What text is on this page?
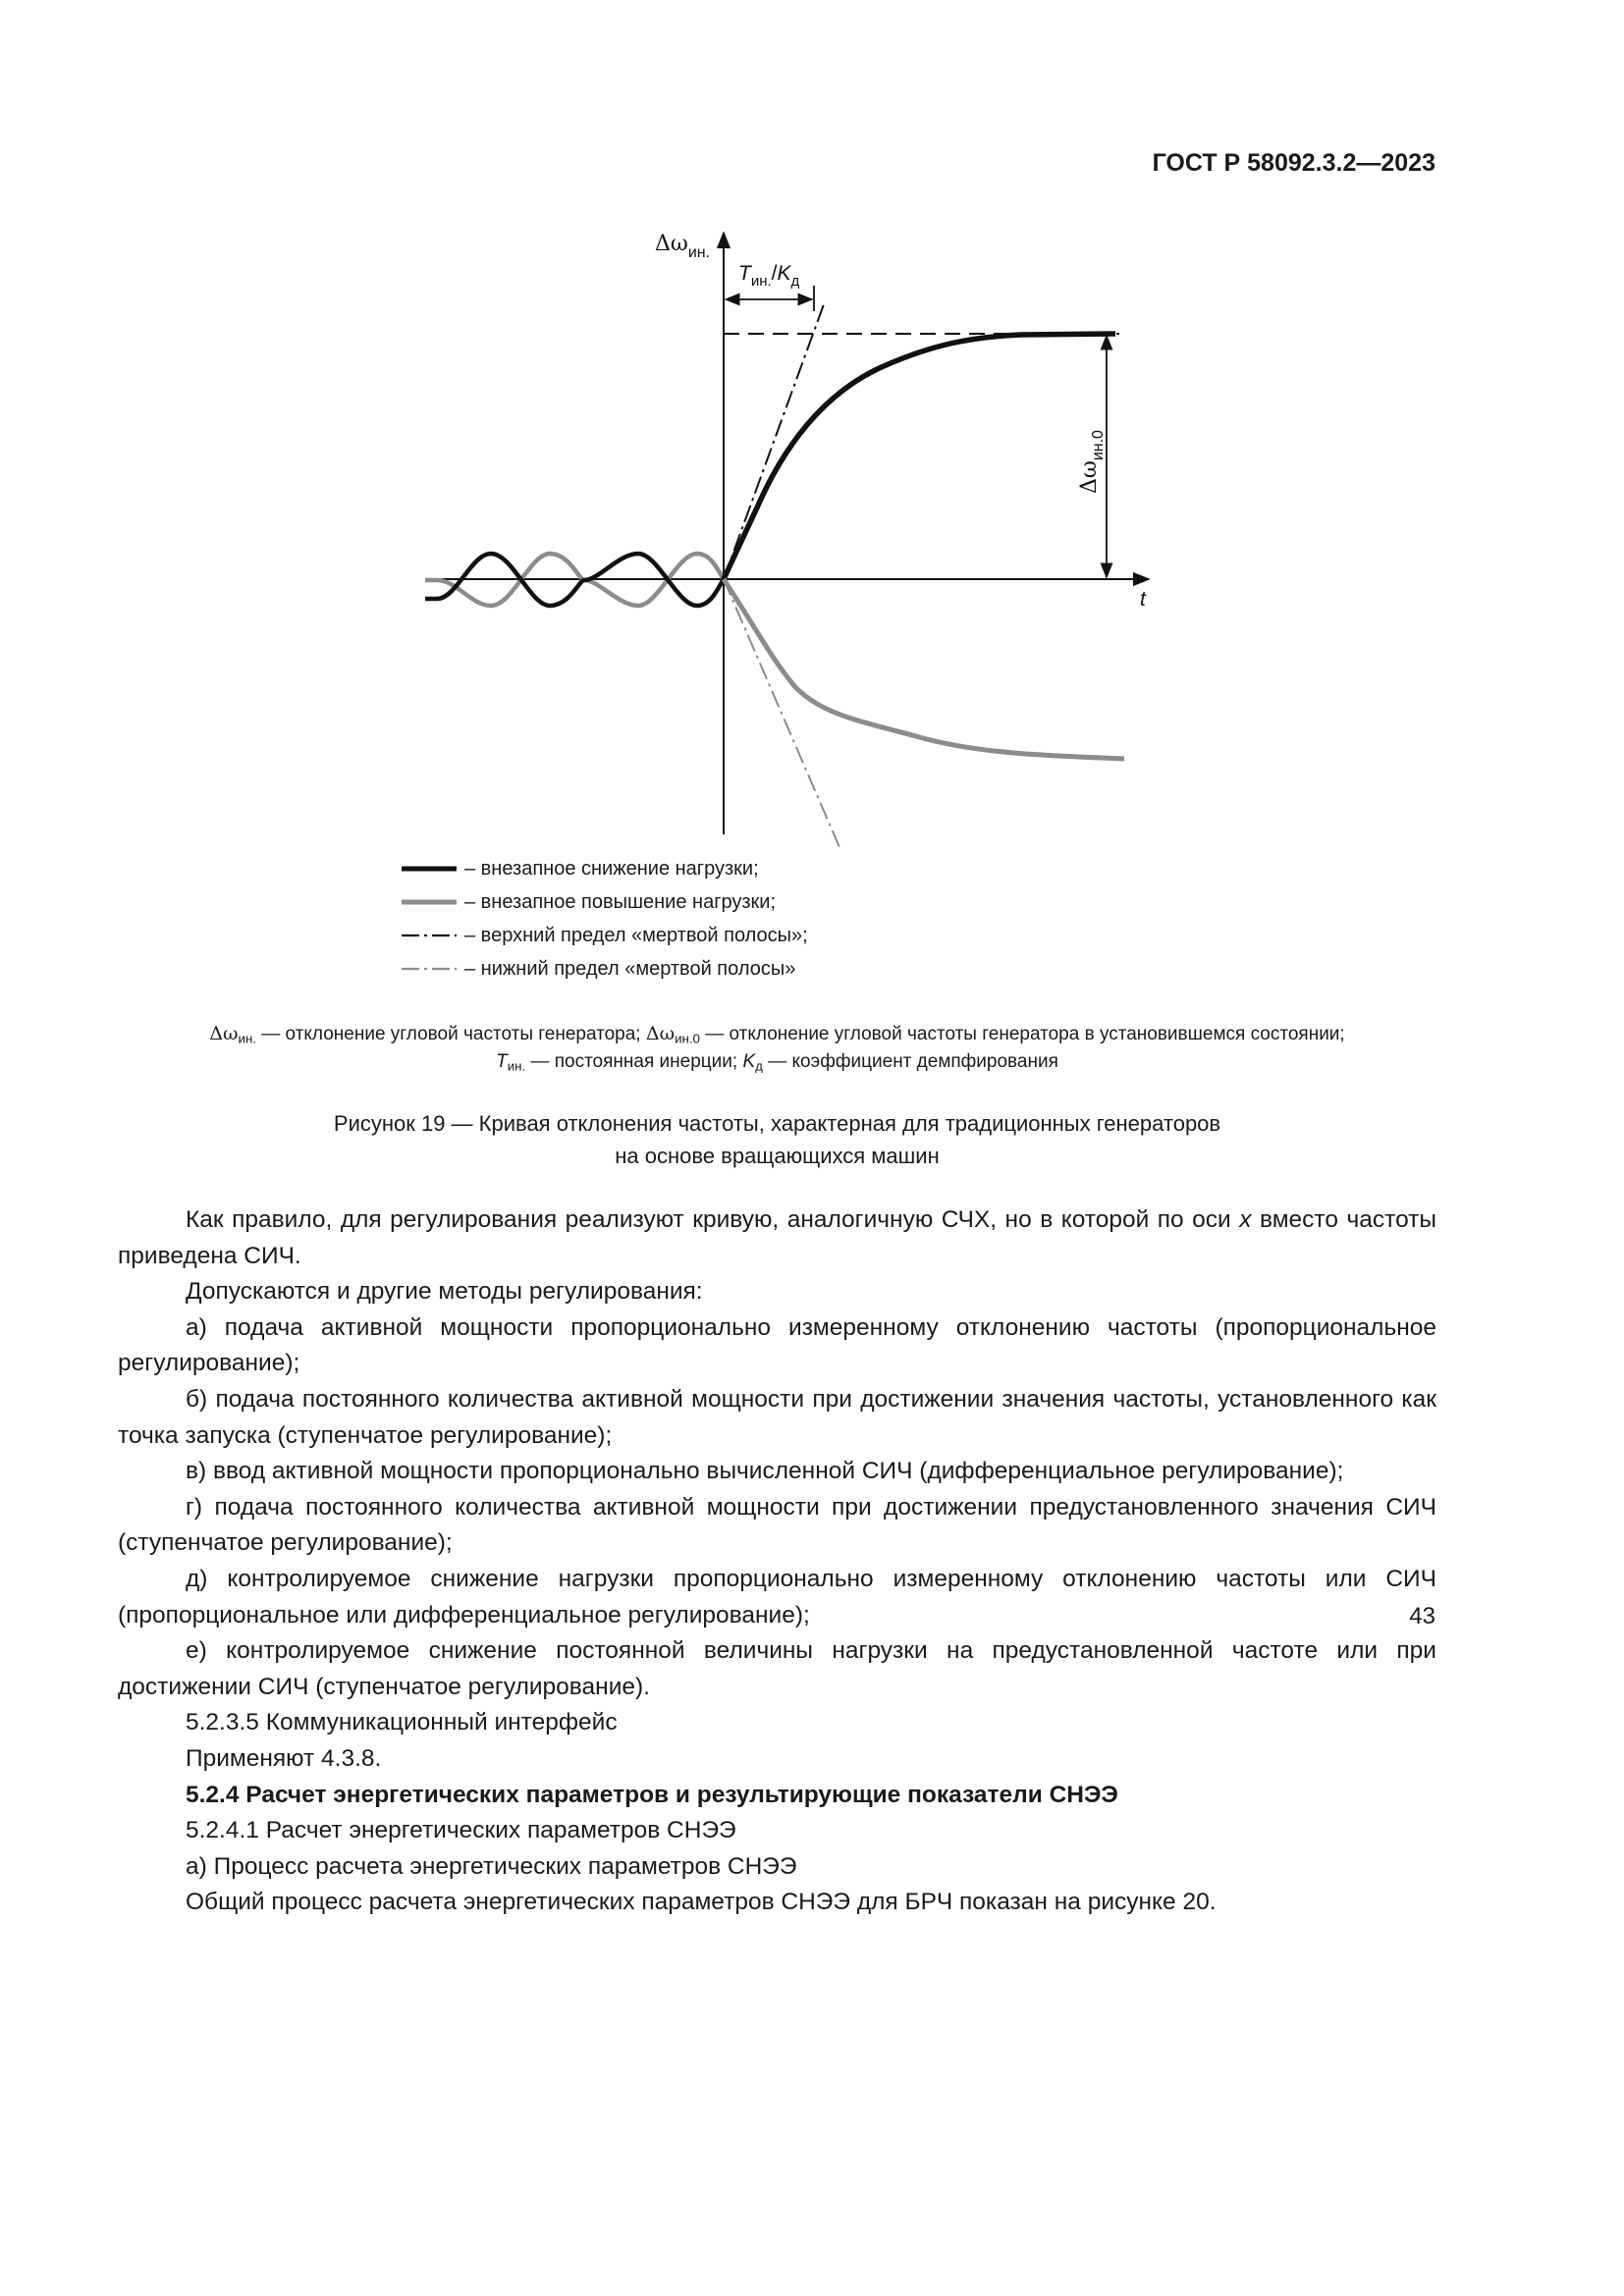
ГОСТ Р 58092.3.2—2023
$\Delta\omega_{ин.}$
t
$T_{ин.}/K_д$
$\Delta\omega_{ин.0}$
– внезапное снижение нагрузки;
– внезапное повышение нагрузки;
– верхний предел «мертвой полосы»;
– нижний предел «мертвой полосы»
$\Delta\omega_{ин.}$ — отклонение угловой частоты генератора; $\Delta\omega_{ин.0}$ — отклонение угловой частоты генератора в установившемся состоянии;
$T_{ин.}$ — постоянная инерции; $K_д$ — коэффициент демпфирования
Рисунок 19 — Кривая отклонения частоты, характерная для традиционных генераторов
на основе вращающихся машин

Как правило, для регулирования реализуют кривую, аналогичную СЧХ, но в которой по оси x вместо частоты приведена СИЧ.

Допускаются и другие методы регулирования:

а) подача активной мощности пропорционально измеренному отклонению частоты (пропорциональное регулирование);

б) подача постоянного количества активной мощности при достижении значения частоты, установленного как точка запуска (ступенчатое регулирование);

в) ввод активной мощности пропорционально вычисленной СИЧ (дифференциальное регулирование);

г) подача постоянного количества активной мощности при достижении предустановленного значения СИЧ (ступенчатое регулирование);

д) контролируемое снижение нагрузки пропорционально измеренному отклонению частоты или СИЧ (пропорциональное или дифференциальное регулирование);

е) контролируемое снижение постоянной величины нагрузки на предустановленной частоте или при достижении СИЧ (ступенчатое регулирование).

5.2.3.5 Коммуникационный интерфейс

Применяют 4.3.8.

5.2.4 Расчет энергетических параметров и результирующие показатели СНЭЭ

5.2.4.1 Расчет энергетических параметров СНЭЭ

а) Процесс расчета энергетических параметров СНЭЭ

Общий процесс расчета энергетических параметров СНЭЭ для БРЧ показан на рисунке 20.

43
